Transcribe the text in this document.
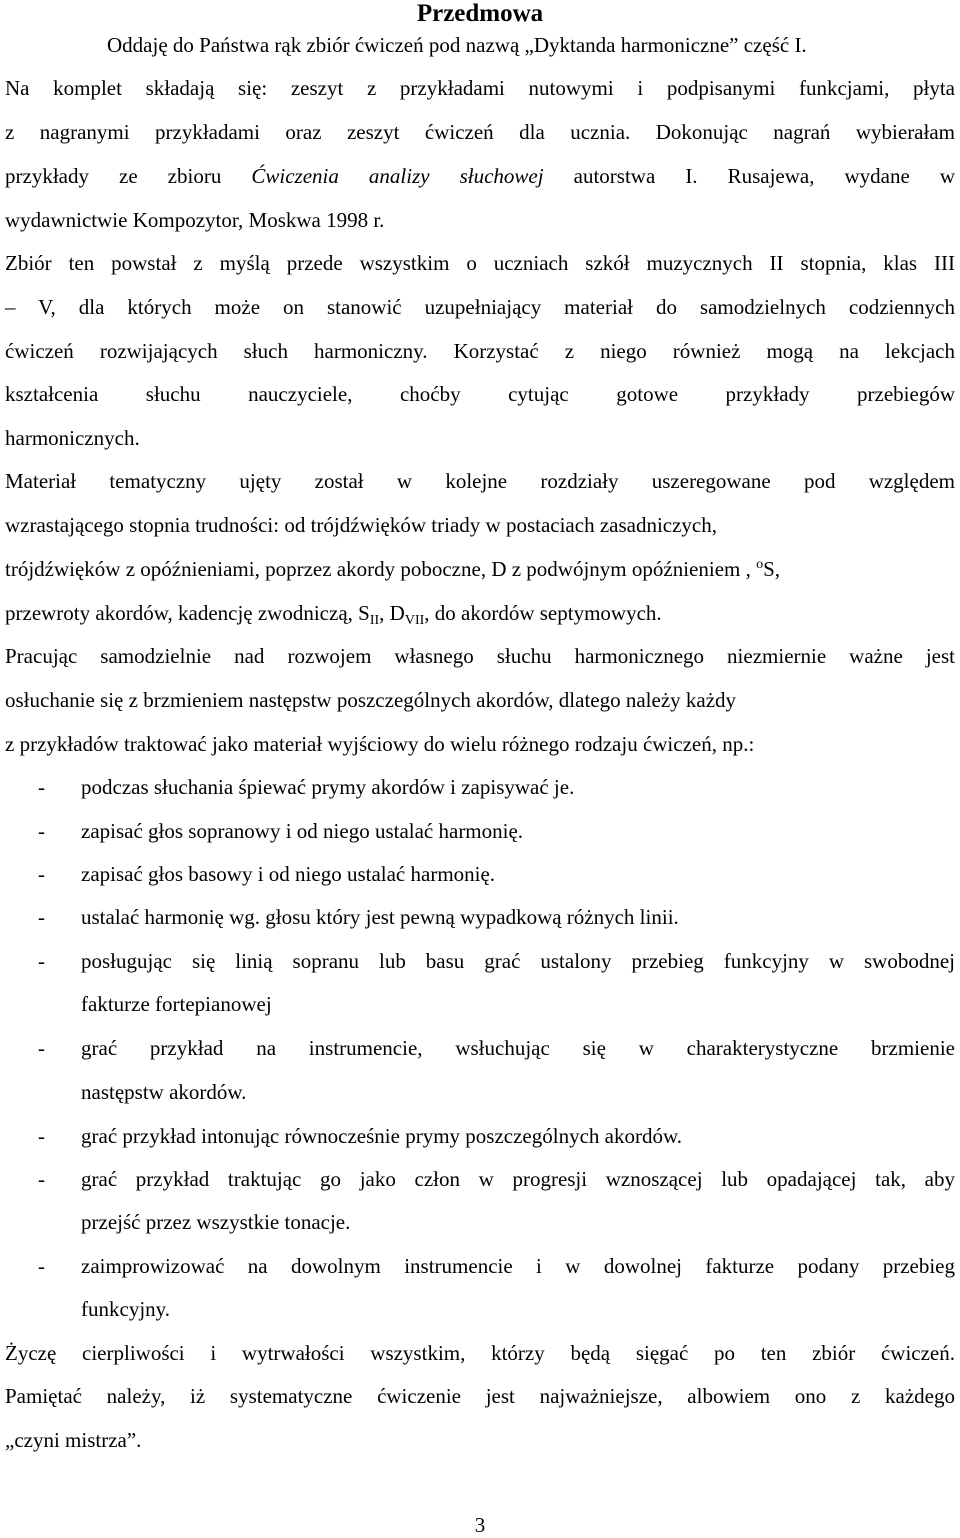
Przedmowa
Oddaję do Państwa rąk zbiór ćwiczeń pod nazwą „Dyktanda harmoniczne” część I.
Na komplet składają się: zeszyt z przykładami nutowymi i podpisanymi funkcjami, płyta
z nagranymi przykładami oraz zeszyt ćwiczeń dla ucznia. Dokonując nagrań wybierałam
przykłady ze zbioru Ćwiczenia analizy słuchowej autorstwa I. Rusajewa, wydane w
wydawnictwie Kompozytor, Moskwa 1998 r.
Zbiór ten powstał z myślą przede wszystkim o uczniach szkół muzycznych II stopnia, klas III
– V, dla których może on stanowić uzupełniający materiał do samodzielnych codziennych
ćwiczeń rozwijających słuch harmoniczny. Korzystać z niego również mogą na lekcjach
kształcenia słuchu nauczyciele, choćby cytując gotowe przykłady przebiegów
harmonicznych.
Materiał tematyczny ujęty został w kolejne rozdziały uszeregowane pod względem
wzrastającego stopnia trudności: od trójdźwięków triady w postaciach zasadniczych,
trójdźwięków z opóźnieniami, poprzez akordy poboczne, D z podwójnym opóźnieniem , $^o$S,
przewroty akordów, kadencję zwodniczą, $S_{II}$, $D_{VII}$, do akordów septymowych.
Pracując samodzielnie nad rozwojem własnego słuchu harmonicznego niezmiernie ważne jest
osłuchanie się z brzmieniem następstw poszczególnych akordów, dlatego należy każdy
z przykładów traktować jako materiał wyjściowy do wielu różnego rodzaju ćwiczeń, np.:
- podczas słuchania śpiewać prymy akordów i zapisywać je.
- zapisać głos sopranowy i od niego ustalać harmonię.
- zapisać głos basowy i od niego ustalać harmonię.
- ustalać harmonię wg. głosu który jest pewną wypadkową różnych linii.
- posługując się linią sopranu lub basu grać ustalony przebieg funkcyjny w swobodnej
fakturze fortepianowej
- grać przykład na instrumencie, wsłuchując się w charakterystyczne brzmienie
następstw akordów.
- grać przykład intonując równocześnie prymy poszczególnych akordów.
- grać przykład traktując go jako człon w progresji wznoszącej lub opadającej tak, aby
przejść przez wszystkie tonacje.
- zaimprowizować na dowolnym instrumencie i w dowolnej fakturze podany przebieg
funkcyjny.
Życzę cierpliwości i wytrwałości wszystkim, którzy będą sięgać po ten zbiór ćwiczeń.
Pamiętać należy, iż systematyczne ćwiczenie jest najważniejsze, albowiem ono z każdego
„czyni mistrza”.
3
